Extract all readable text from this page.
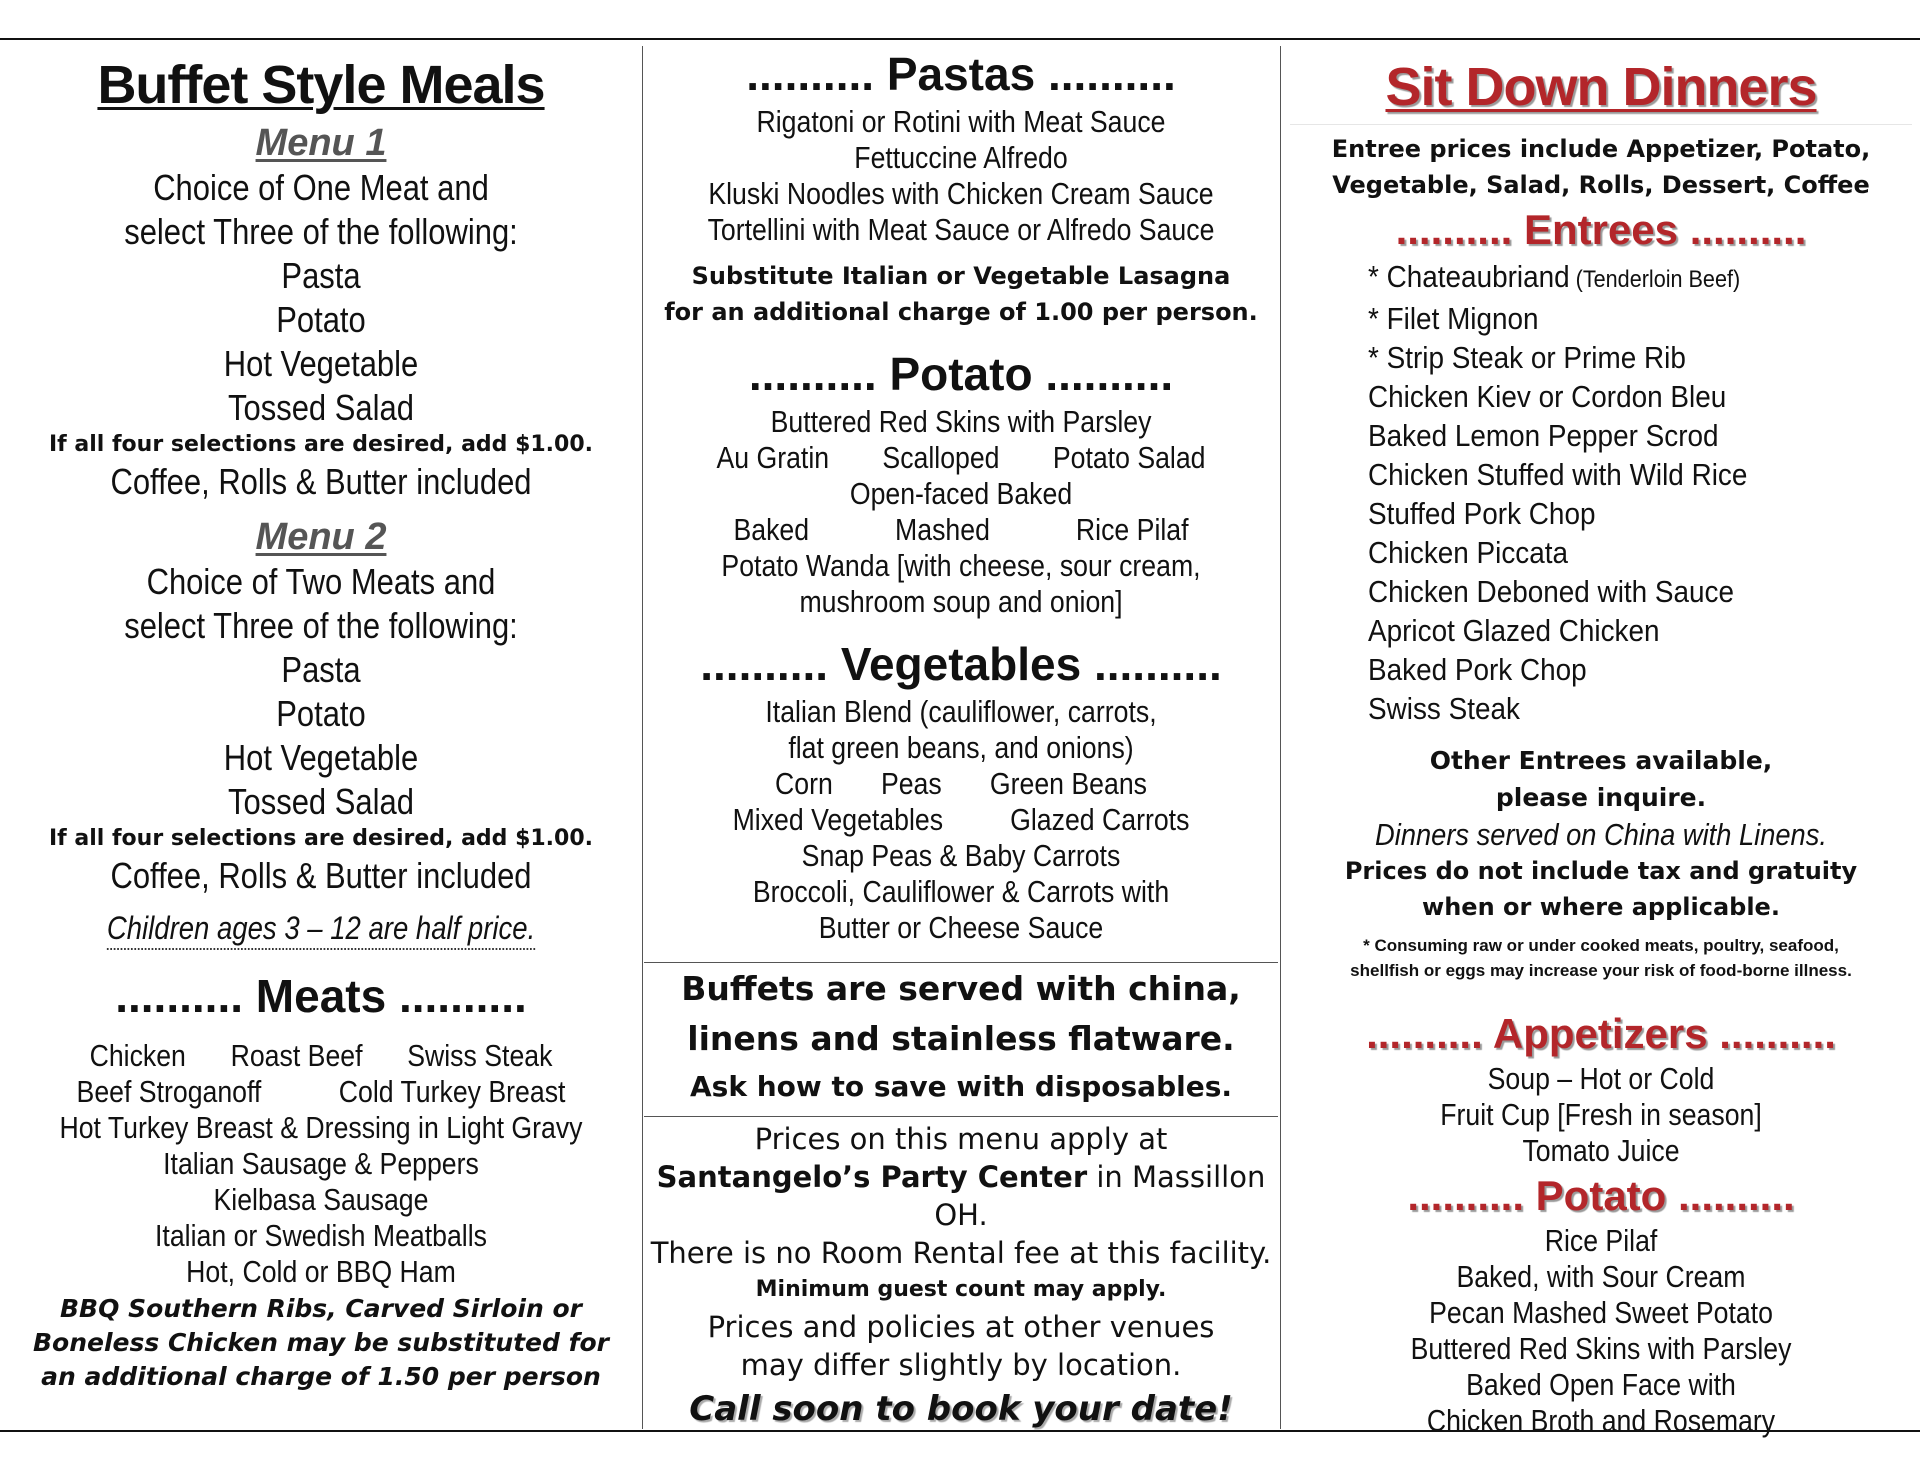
Buffet Style Meals
Menu 1
Choice of One Meat and
select Three of the following:
Pasta
Potato
Hot Vegetable
Tossed Salad
If all four selections are desired, add $1.00.
Coffee, Rolls & Butter included
Menu 2
Choice of Two Meats and
select Three of the following:
Pasta
Potato
Hot Vegetable
Tossed Salad
If all four selections are desired, add $1.00.
Coffee, Rolls & Butter included
Children ages 3 – 12 are half price.
.......... Meats ..........
Chicken Roast Beef Swiss Steak
Beef Stroganoff Cold Turkey Breast
Hot Turkey Breast & Dressing in Light Gravy
Italian Sausage & Peppers
Kielbasa Sausage
Italian or Swedish Meatballs
Hot, Cold or BBQ Ham
BBQ Southern Ribs, Carved Sirloin or
Boneless Chicken may be substituted for
an additional charge of 1.50 per person
.......... Pastas ..........
Rigatoni or Rotini with Meat Sauce
Fettuccine Alfredo
Kluski Noodles with Chicken Cream Sauce
Tortellini with Meat Sauce or Alfredo Sauce
Substitute Italian or Vegetable Lasagna
for an additional charge of 1.00 per person.
.......... Potato ..........
Buttered Red Skins with Parsley
Au Gratin Scalloped Potato Salad
Open-faced Baked
Baked	Mashed	Rice Pilaf
Potato Wanda [with cheese, sour cream,
mushroom soup and onion]
.......... Vegetables ..........
Italian Blend (cauliflower, carrots,
flat green beans, and onions)
Corn Peas Green Beans
Mixed Vegetables Glazed Carrots
Snap Peas & Baby Carrots
Broccoli, Cauliflower & Carrots with
Butter or Cheese Sauce
Buffets are served with china,
linens and stainless flatware.
Ask how to save with disposables.
Prices on this menu apply at
Santangelo’s Party Center in Massillon OH.
There is no Room Rental fee at this facility.
Minimum guest count may apply.
Prices and policies at other venues
may differ slightly by location.
Call soon to book your date!
Sit Down Dinners
Entree prices include Appetizer, Potato,
Vegetable, Salad, Rolls, Dessert, Coffee
.......... Entrees ..........
* Chateaubriand (Tenderloin Beef)
* Filet Mignon
* Strip Steak or Prime Rib
Chicken Kiev or Cordon Bleu
Baked Lemon Pepper Scrod
Chicken Stuffed with Wild Rice
Stuffed Pork Chop
Chicken Piccata
Chicken Deboned with Sauce
Apricot Glazed Chicken
Baked Pork Chop
Swiss Steak
Other Entrees available,
please inquire.
Dinners served on China with Linens.
Prices do not include tax and gratuity
when or where applicable.
* Consuming raw or under cooked meats, poultry, seafood,
shellfish or eggs may increase your risk of food-borne illness.
.......... Appetizers ..........
Soup – Hot or Cold
Fruit Cup [Fresh in season]
Tomato Juice
.......... Potato ..........
Rice Pilaf
Baked, with Sour Cream
Pecan Mashed Sweet Potato
Buttered Red Skins with Parsley
Baked Open Face with
Chicken Broth and Rosemary
